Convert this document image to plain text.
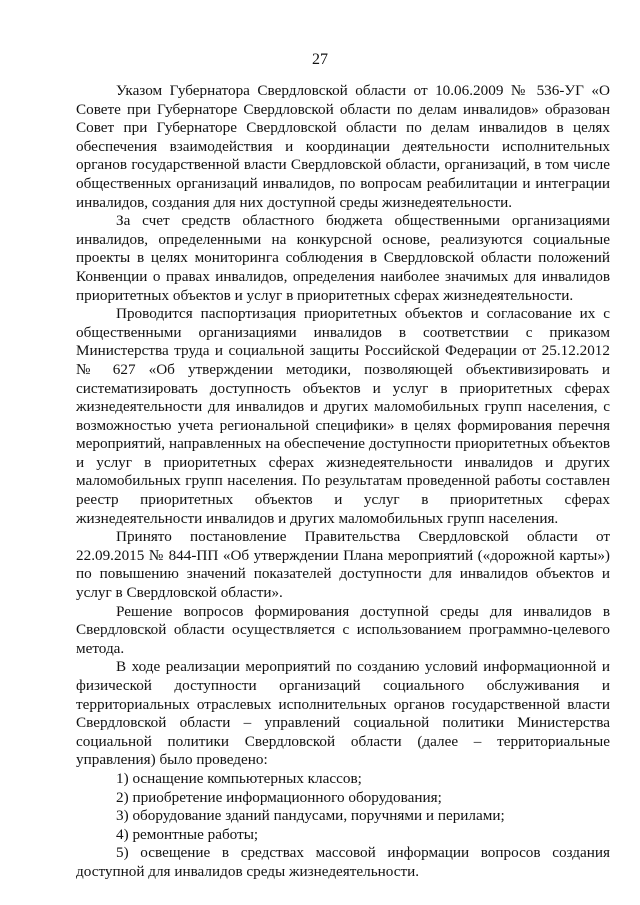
27

Указом Губернатора Свердловской области от 10.06.2009 № 536-УГ «О Совете при Губернаторе Свердловской области по делам инвалидов» образован Совет при Губернаторе Свердловской области по делам инвалидов в целях обеспечения взаимодействия и координации деятельности исполнительных органов государственной власти Свердловской области, организаций, в том числе общественных организаций инвалидов, по вопросам реабилитации и интеграции инвалидов, создания для них доступной среды жизнедеятельности.

За счет средств областного бюджета общественными организациями инвалидов, определенными на конкурсной основе, реализуются социальные проекты в целях мониторинга соблюдения в Свердловской области положений Конвенции о правах инвалидов, определения наиболее значимых для инвалидов приоритетных объектов и услуг в приоритетных сферах жизнедеятельности.

Проводится паспортизация приоритетных объектов и согласование их с общественными организациями инвалидов в соответствии с приказом Министерства труда и социальной защиты Российской Федерации от 25.12.2012 № 627 «Об утверждении методики, позволяющей объективизировать и систематизировать доступность объектов и услуг в приоритетных сферах жизнедеятельности для инвалидов и других маломобильных групп населения, с возможностью учета региональной специфики» в целях формирования перечня мероприятий, направленных на обеспечение доступности приоритетных объектов и услуг в приоритетных сферах жизнедеятельности инвалидов и других маломобильных групп населения. По результатам проведенной работы составлен реестр приоритетных объектов и услуг в приоритетных сферах жизнедеятельности инвалидов и других маломобильных групп населения.

Принято постановление Правительства Свердловской области от 22.09.2015 № 844-ПП «Об утверждении Плана мероприятий («дорожной карты») по повышению значений показателей доступности для инвалидов объектов и услуг в Свердловской области».

Решение вопросов формирования доступной среды для инвалидов в Свердловской области осуществляется с использованием программно-целевого метода.

В ходе реализации мероприятий по созданию условий информационной и физической доступности организаций социального обслуживания и территориальных отраслевых исполнительных органов государственной власти Свердловской области – управлений социальной политики Министерства социальной политики Свердловской области (далее – территориальные управления) было проведено:

1) оснащение компьютерных классов;

2) приобретение информационного оборудования;

3) оборудование зданий пандусами, поручнями и перилами;

4) ремонтные работы;

5) освещение в средствах массовой информации вопросов создания доступной для инвалидов среды жизнедеятельности.
